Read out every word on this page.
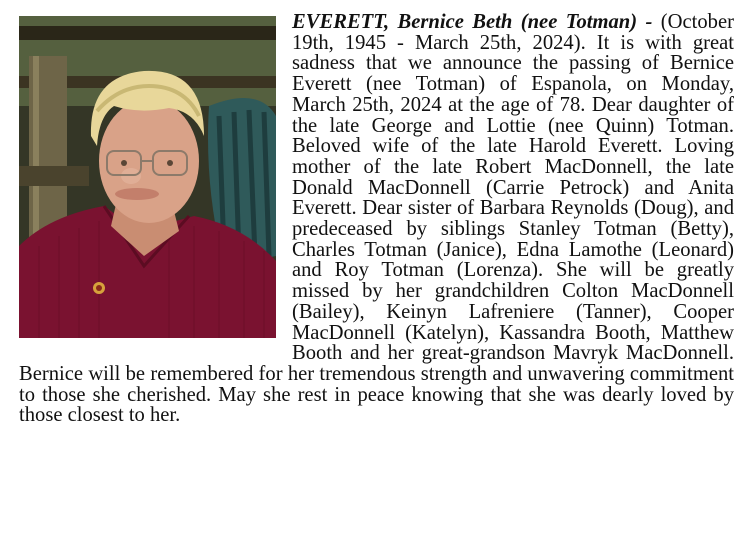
EVERETT, Bernice Beth (nee Totman) - (October 19th, 1945 - March 25th, 2024). It is with great sadness that we announce the passing of Bernice Everett (nee Totman) of Espanola, on Monday, March 25th, 2024 at the age of 78. Dear daughter of the late George and Lottie (nee Quinn) Totman. Beloved wife of the late Harold Everett. Loving mother of the late Robert MacDonnell, the late Donald MacDonnell (Carrie Petrock) and Anita Everett. Dear sister of Barbara Reynolds (Doug), and predeceased by siblings Stanley Totman (Betty), Charles Totman (Janice), Edna Lamothe (Leonard) and Roy Totman (Lorenza). She will be greatly missed by her grandchildren Colton MacDonnell (Bailey), Keinyn Lafreniere (Tanner), Cooper MacDonnell (Katelyn), Kassandra Booth, Matthew Booth and her great-grandson Mavryk MacDonnell. Bernice will be remembered for her tremendous strength and unwavering commitment to those she cherished. May she rest in peace knowing that she was dearly loved by those closest to her.
